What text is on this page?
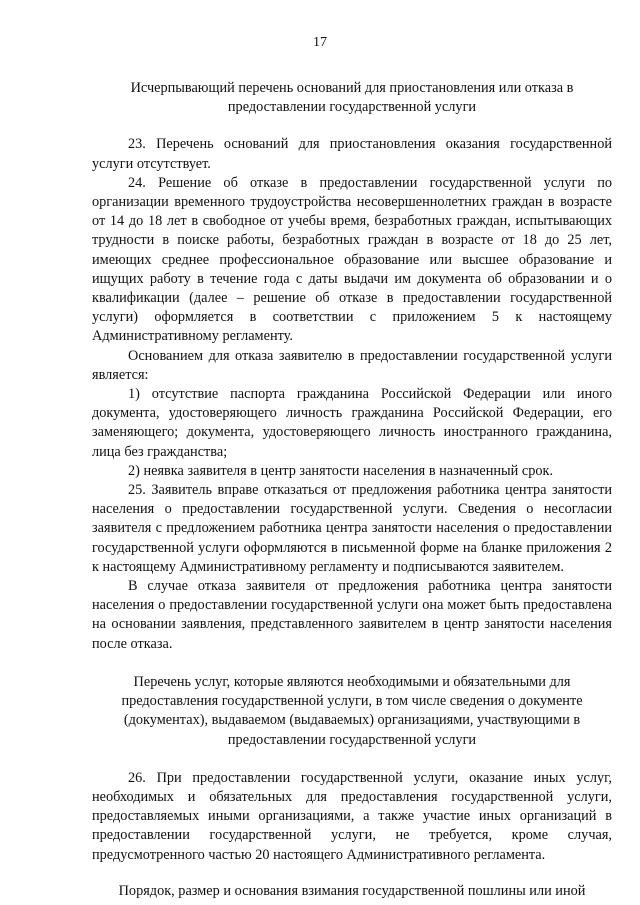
17

Исчерпывающий перечень оснований для приостановления или отказа в предоставлении государственной услуги

23. Перечень оснований для приостановления оказания государственной услуги отсутствует.

24. Решение об отказе в предоставлении государственной услуги по организации временного трудоустройства несовершеннолетних граждан в возрасте от 14 до 18 лет в свободное от учебы время, безработных граждан, испытывающих трудности в поиске работы, безработных граждан в возрасте от 18 до 25 лет, имеющих среднее профессиональное образование или высшее образование и ищущих работу в течение года с даты выдачи им документа об образовании и о квалификации (далее – решение об отказе в предоставлении государственной услуги) оформляется в соответствии с приложением 5 к настоящему Административному регламенту.

Основанием для отказа заявителю в предоставлении государственной услуги является:

1) отсутствие паспорта гражданина Российской Федерации или иного документа, удостоверяющего личность гражданина Российской Федерации, его заменяющего; документа, удостоверяющего личность иностранного гражданина, лица без гражданства;

2) неявка заявителя в центр занятости населения в назначенный срок.

25. Заявитель вправе отказаться от предложения работника центра занятости населения о предоставлении государственной услуги. Сведения о несогласии заявителя с предложением работника центра занятости населения о предоставлении государственной услуги оформляются в письменной форме на бланке приложения 2 к настоящему Административному регламенту и подписываются заявителем.

В случае отказа заявителя от предложения работника центра занятости населения о предоставлении государственной услуги она может быть предоставлена на основании заявления, представленного заявителем в центр занятости населения после отказа.

Перечень услуг, которые являются необходимыми и обязательными для предоставления государственной услуги, в том числе сведения о документе (документах), выдаваемом (выдаваемых) организациями, участвующими в предоставлении государственной услуги

26. При предоставлении государственной услуги, оказание иных услуг, необходимых и обязательных для предоставления государственной услуги, предоставляемых иными организациями, а также участие иных организаций в предоставлении государственной услуги, не требуется, кроме случая, предусмотренного частью 20 настоящего Административного регламента.

Порядок, размер и основания взимания государственной пошлины или иной
